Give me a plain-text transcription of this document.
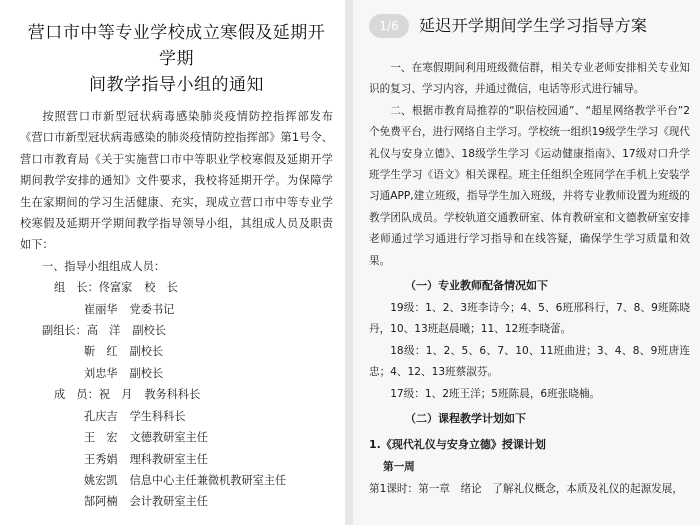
营口市中等专业学校成立寒假及延期开学期
间教学指导小组的通知

按照营口市新型冠状病毒感染肺炎疫情防控指挥部发布《营口市新型冠状病毒感染的肺炎疫情防控指挥部》第1号令、营口市教育局《关于实施营口市中等职业学校寒假及延期开学期间教学安排的通知》文件要求，我校将延期开学。为保障学生在家期间的学习生活健康、充实，现成立营口市中等专业学校寒假及延期开学期间教学指导领导小组，其组成人员及职责如下：

一、指导小组组成人员：
组　长：佟富家 校　长
崔丽华 党委书记
副组长：高　洋 副校长
靳　红 副校长
刘忠华 副校长
成　员：祝　月 教务科科长
孔庆吉 学生科科长
王　宏 文德教研室主任
王秀娟 理科教研室主任
姚宏凯 信息中心主任兼微机教研室主任
郜阿楠 会计教研室主任
1/6	延迟开学期间学生学习指导方案

一、在寒假期间利用班级微信群，相关专业老师安排相关专业知识的复习、学习内容，并通过微信，电话等形式进行辅导。

二、根据市教育局推荐的“职信校园通”、“超星网络教学平台”2个免费平台，进行网络自主学习。学校统一组织19级学生学习《现代礼仪与安身立德》、18级学生学习《运动健康指南》、17级对口升学班学生学习《语文》相关课程。班主任组织全班同学在手机上安装学习通APP,建立班级，指导学生加入班级，并将专业教师设置为班级的教学团队成员。学校轨道交通教研室、体育教研室和文德教研室安排老师通过学习通进行学习指导和在线答疑，确保学生学习质量和效果。

（一）专业教师配备情况如下

19级：1、2、3班李诗今；4、5、6班邢科行，7、8、9班陈晓丹，10、13班赵晨曦；11、12班李晓蕾。

18级：1、2、5、6、7、10、11班曲进；3、4、8、9班唐连忠；4、12、13班蔡淑芬。

17级：1、2班王洋；5班陈晨，6班张晓楠。

（二）课程教学计划如下
1.《现代礼仪与安身立德》授课计划
第一周

第1课时：第一章　绪论　了解礼仪概念，本质及礼仪的起源发展，
